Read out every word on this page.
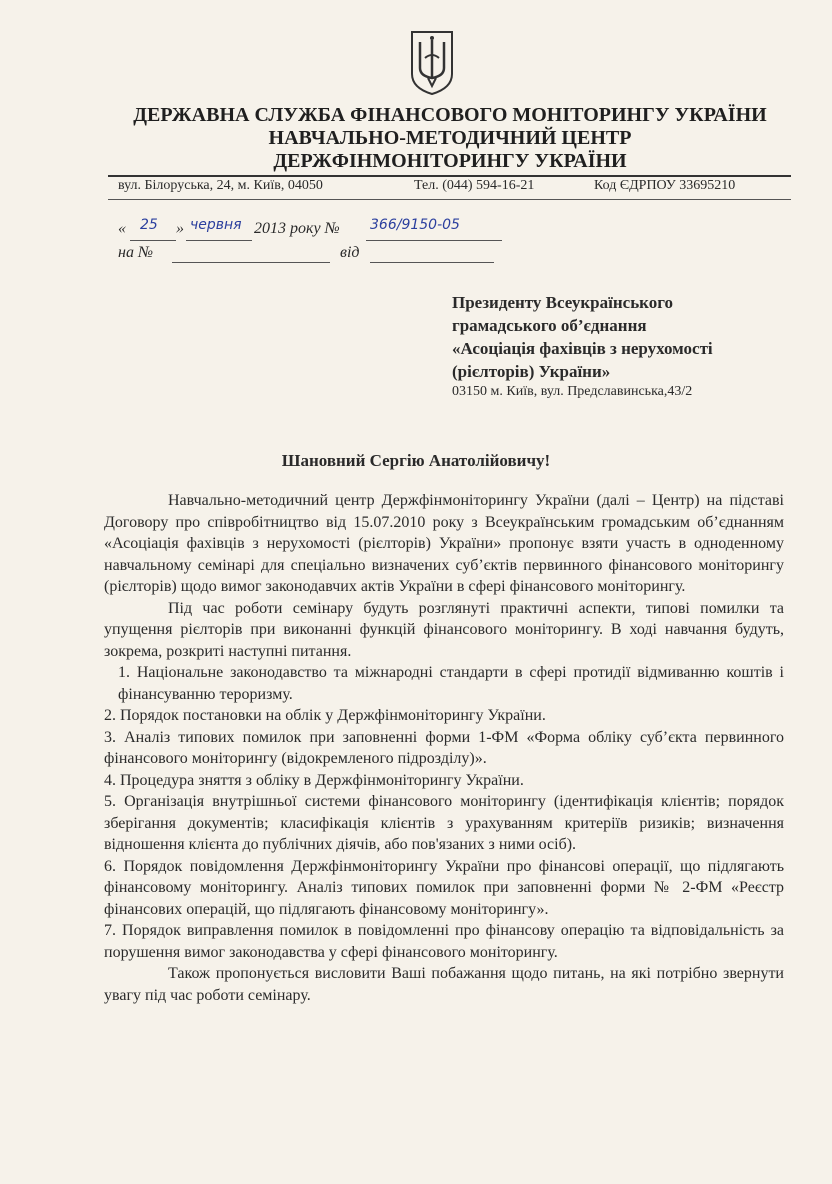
ДЕРЖАВНА СЛУЖБА ФІНАНСОВОГО МОНІТОРИНГУ УКРАЇНИ

НАВЧАЛЬНО-МЕТОДИЧНИЙ ЦЕНТР

ДЕРЖФІНМОНІТОРИНГУ УКРАЇНИ

вул. Білоруська, 24, м. Київ, 04050	Тел. (044) 594-16-21	Код ЄДРПОУ 33695210
« 25 » червня 2013 року № 366/9150-05
на №	від
Президенту Всеукраїнського
грамадського об’єднання
«Асоціація фахівців з нерухомості
(рієлторів) України»
03150 м. Київ, вул. Предславинська,43/2
Шановний Сергію Анатолійовичу!

Навчально-методичний центр Держфінмоніторингу України (далі – Центр) на підставі Договору про співробітництво від 15.07.2010 року з Всеукраїнським громадським об’єднанням «Асоціація фахівців з нерухомості (рієлторів) України» пропонує взяти участь в одноденному навчальному семінарі для спеціально визначених суб’єктів первинного фінансового моніторингу (рієлторів) щодо вимог законодавчих актів України в сфері фінансового моніторингу.

Під час роботи семінару будуть розглянуті практичні аспекти, типові помилки та упущення рієлторів при виконанні функцій фінансового моніторингу. В ході навчання будуть, зокрема, розкриті наступні питання.

1. Національне законодавство та міжнародні стандарти в сфері протидії відмиванню коштів і фінансуванню тероризму.

2. Порядок постановки на облік у Держфінмоніторингу України.

3. Аналіз типових помилок при заповненні форми 1-ФМ «Форма обліку суб’єкта первинного фінансового моніторингу (відокремленого підрозділу)».

4. Процедура зняття з обліку в Держфінмоніторингу України.

5. Організація внутрішньої системи фінансового моніторингу (ідентифікація клієнтів; порядок зберігання документів; класифікація клієнтів з урахуванням критеріїв ризиків; визначення відношення клієнта до публічних діячів, або пов'язаних з ними осіб).

6. Порядок повідомлення Держфінмоніторингу України про фінансові операції, що підлягають фінансовому моніторингу. Аналіз типових помилок при заповненні форми № 2-ФМ «Реєстр фінансових операцій, що підлягають фінансовому моніторингу».

7. Порядок виправлення помилок в повідомленні про фінансову операцію та відповідальність за порушення вимог законодавства у сфері фінансового моніторингу.

Також пропонується висловити Ваші побажання щодо питань, на які потрібно звернути увагу під час роботи семінару.
